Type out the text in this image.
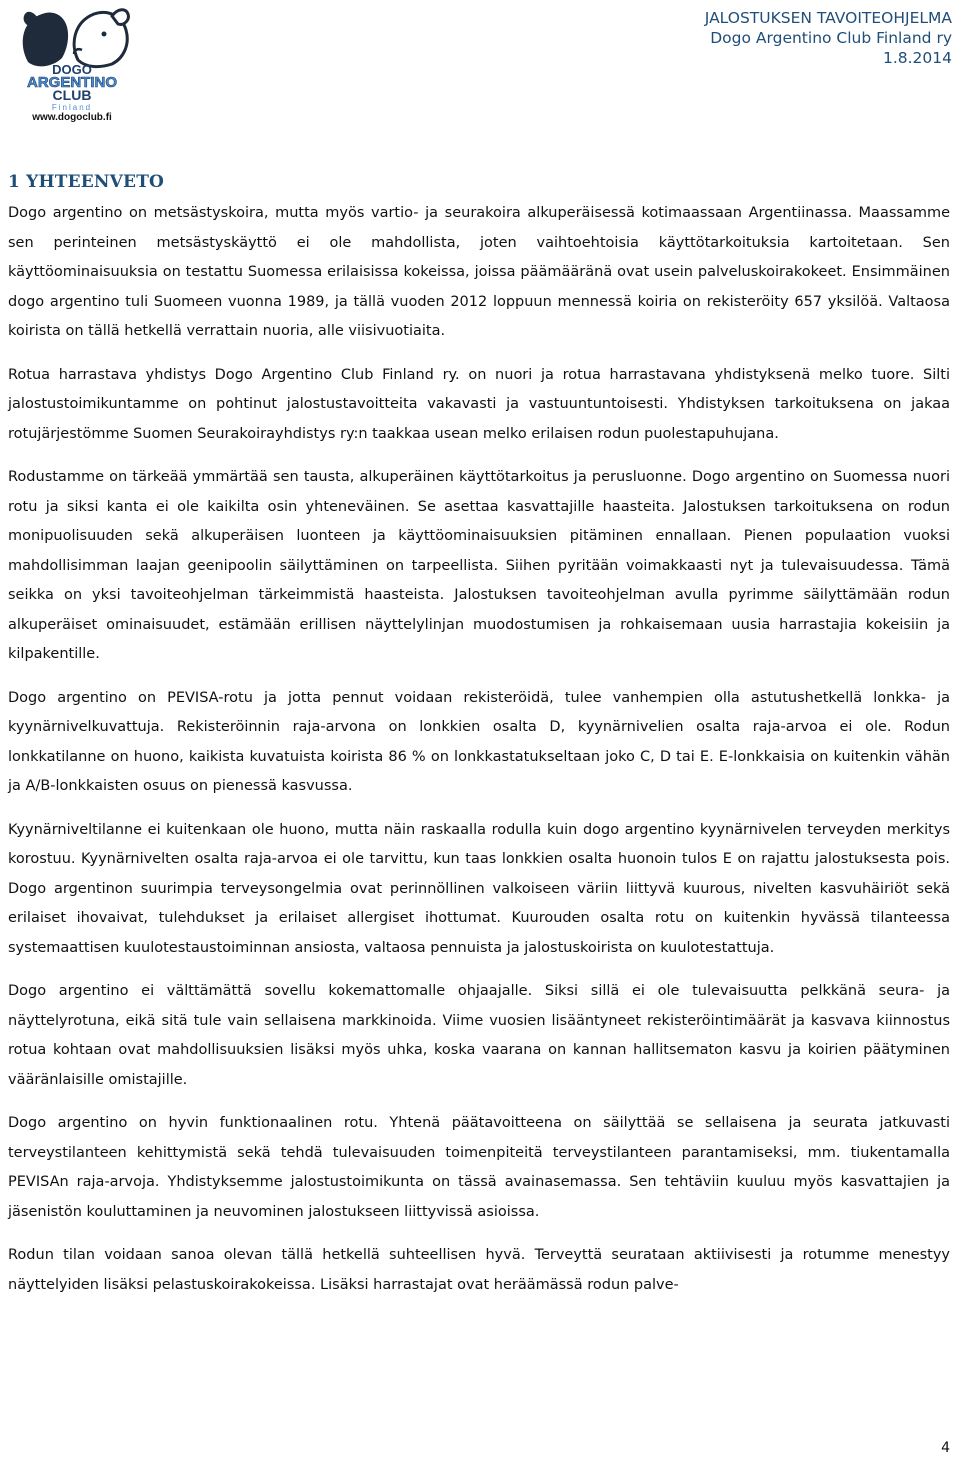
DOGO
ARGENTINO
CLUB
Finland
www.dogoclub.fi
JALOSTUKSEN TAVOITEOHJELMA
Dogo Argentino Club Finland ry
1.8.2014
1 YHTEENVETO

Dogo argentino on metsästyskoira, mutta myös vartio- ja seurakoira alkuperäisessä kotimaassaan Argentiinassa. Maassamme sen perinteinen metsästyskäyttö ei ole mahdollista, joten vaihtoehtoisia käyttötarkoituksia kartoitetaan. Sen käyttöominaisuuksia on testattu Suomessa erilaisissa kokeissa, joissa päämääränä ovat usein palveluskoirakokeet. Ensimmäinen dogo argentino tuli Suomeen vuonna 1989, ja tällä vuoden 2012 loppuun mennessä koiria on rekisteröity 657 yksilöä. Valtaosa koirista on tällä hetkellä verrattain nuoria, alle viisivuotiaita.

Rotua harrastava yhdistys Dogo Argentino Club Finland ry. on nuori ja rotua harrastavana yhdistyksenä melko tuore. Silti jalostustoimikuntamme on pohtinut jalostustavoitteita vakavasti ja vastuuntuntoisesti. Yhdistyksen tarkoituksena on jakaa rotujärjestömme Suomen Seurakoirayhdistys ry:n taakkaa usean melko erilaisen rodun puolestapuhujana.

Rodustamme on tärkeää ymmärtää sen tausta, alkuperäinen käyttötarkoitus ja perusluonne. Dogo argentino on Suomessa nuori rotu ja siksi kanta ei ole kaikilta osin yhteneväinen. Se asettaa kasvattajille haasteita. Jalostuksen tarkoituksena on rodun monipuolisuuden sekä alkuperäisen luonteen ja käyttöominaisuuksien pitäminen ennallaan. Pienen populaation vuoksi mahdollisimman laajan geenipoolin säilyttäminen on tarpeellista. Siihen pyritään voimakkaasti nyt ja tulevaisuudessa. Tämä seikka on yksi tavoiteohjelman tärkeimmistä haasteista. Jalostuksen tavoiteohjelman avulla pyrimme säilyttämään rodun alkuperäiset ominaisuudet, estämään erillisen näyttelylinjan muodostumisen ja rohkaisemaan uusia harrastajia kokeisiin ja kilpakentille.

Dogo argentino on PEVISA-rotu ja jotta pennut voidaan rekisteröidä, tulee vanhempien olla astutushetkellä lonkka- ja kyynärnivelkuvattuja. Rekisteröinnin raja-arvona on lonkkien osalta D, kyynärnivelien osalta raja-arvoa ei ole. Rodun lonkkatilanne on huono, kaikista kuvatuista koirista 86 % on lonkkastatukseltaan joko C, D tai E. E-lonkkaisia on kuitenkin vähän ja A/B-lonkkaisten osuus on pienessä kasvussa.

Kyynärniveltilanne ei kuitenkaan ole huono, mutta näin raskaalla rodulla kuin dogo argentino kyynärnivelen terveyden merkitys korostuu. Kyynärnivelten osalta raja-arvoa ei ole tarvittu, kun taas lonkkien osalta huonoin tulos E on rajattu jalostuksesta pois. Dogo argentinon suurimpia terveysongelmia ovat perinnöllinen valkoiseen väriin liittyvä kuurous, nivelten kasvuhäiriöt sekä erilaiset ihovaivat, tulehdukset ja erilaiset allergiset ihottumat. Kuurouden osalta rotu on kuitenkin hyvässä tilanteessa systemaattisen kuulotestaustoiminnan ansiosta, valtaosa pennuista ja jalostuskoirista on kuulotestattuja.

Dogo argentino ei välttämättä sovellu kokemattomalle ohjaajalle. Siksi sillä ei ole tulevaisuutta pelkkänä seura- ja näyttelyrotuna, eikä sitä tule vain sellaisena markkinoida. Viime vuosien lisääntyneet rekisteröintimäärät ja kasvava kiinnostus rotua kohtaan ovat mahdollisuuksien lisäksi myös uhka, koska vaarana on kannan hallitsematon kasvu ja koirien päätyminen vääränlaisille omistajille.

Dogo argentino on hyvin funktionaalinen rotu. Yhtenä päätavoitteena on säilyttää se sellaisena ja seurata jatkuvasti terveystilanteen kehittymistä sekä tehdä tulevaisuuden toimenpiteitä terveystilanteen parantamiseksi, mm. tiukentamalla PEVISAn raja-arvoja. Yhdistyksemme jalostustoimikunta on tässä avainasemassa. Sen tehtäviin kuuluu myös kasvattajien ja jäsenistön kouluttaminen ja neuvominen jalostukseen liittyvissä asioissa.

Rodun tilan voidaan sanoa olevan tällä hetkellä suhteellisen hyvä. Terveyttä seurataan aktiivisesti ja rotumme menestyy näyttelyiden lisäksi pelastuskoirakokeissa. Lisäksi harrastajat ovat heräämässä rodun palve-

4
